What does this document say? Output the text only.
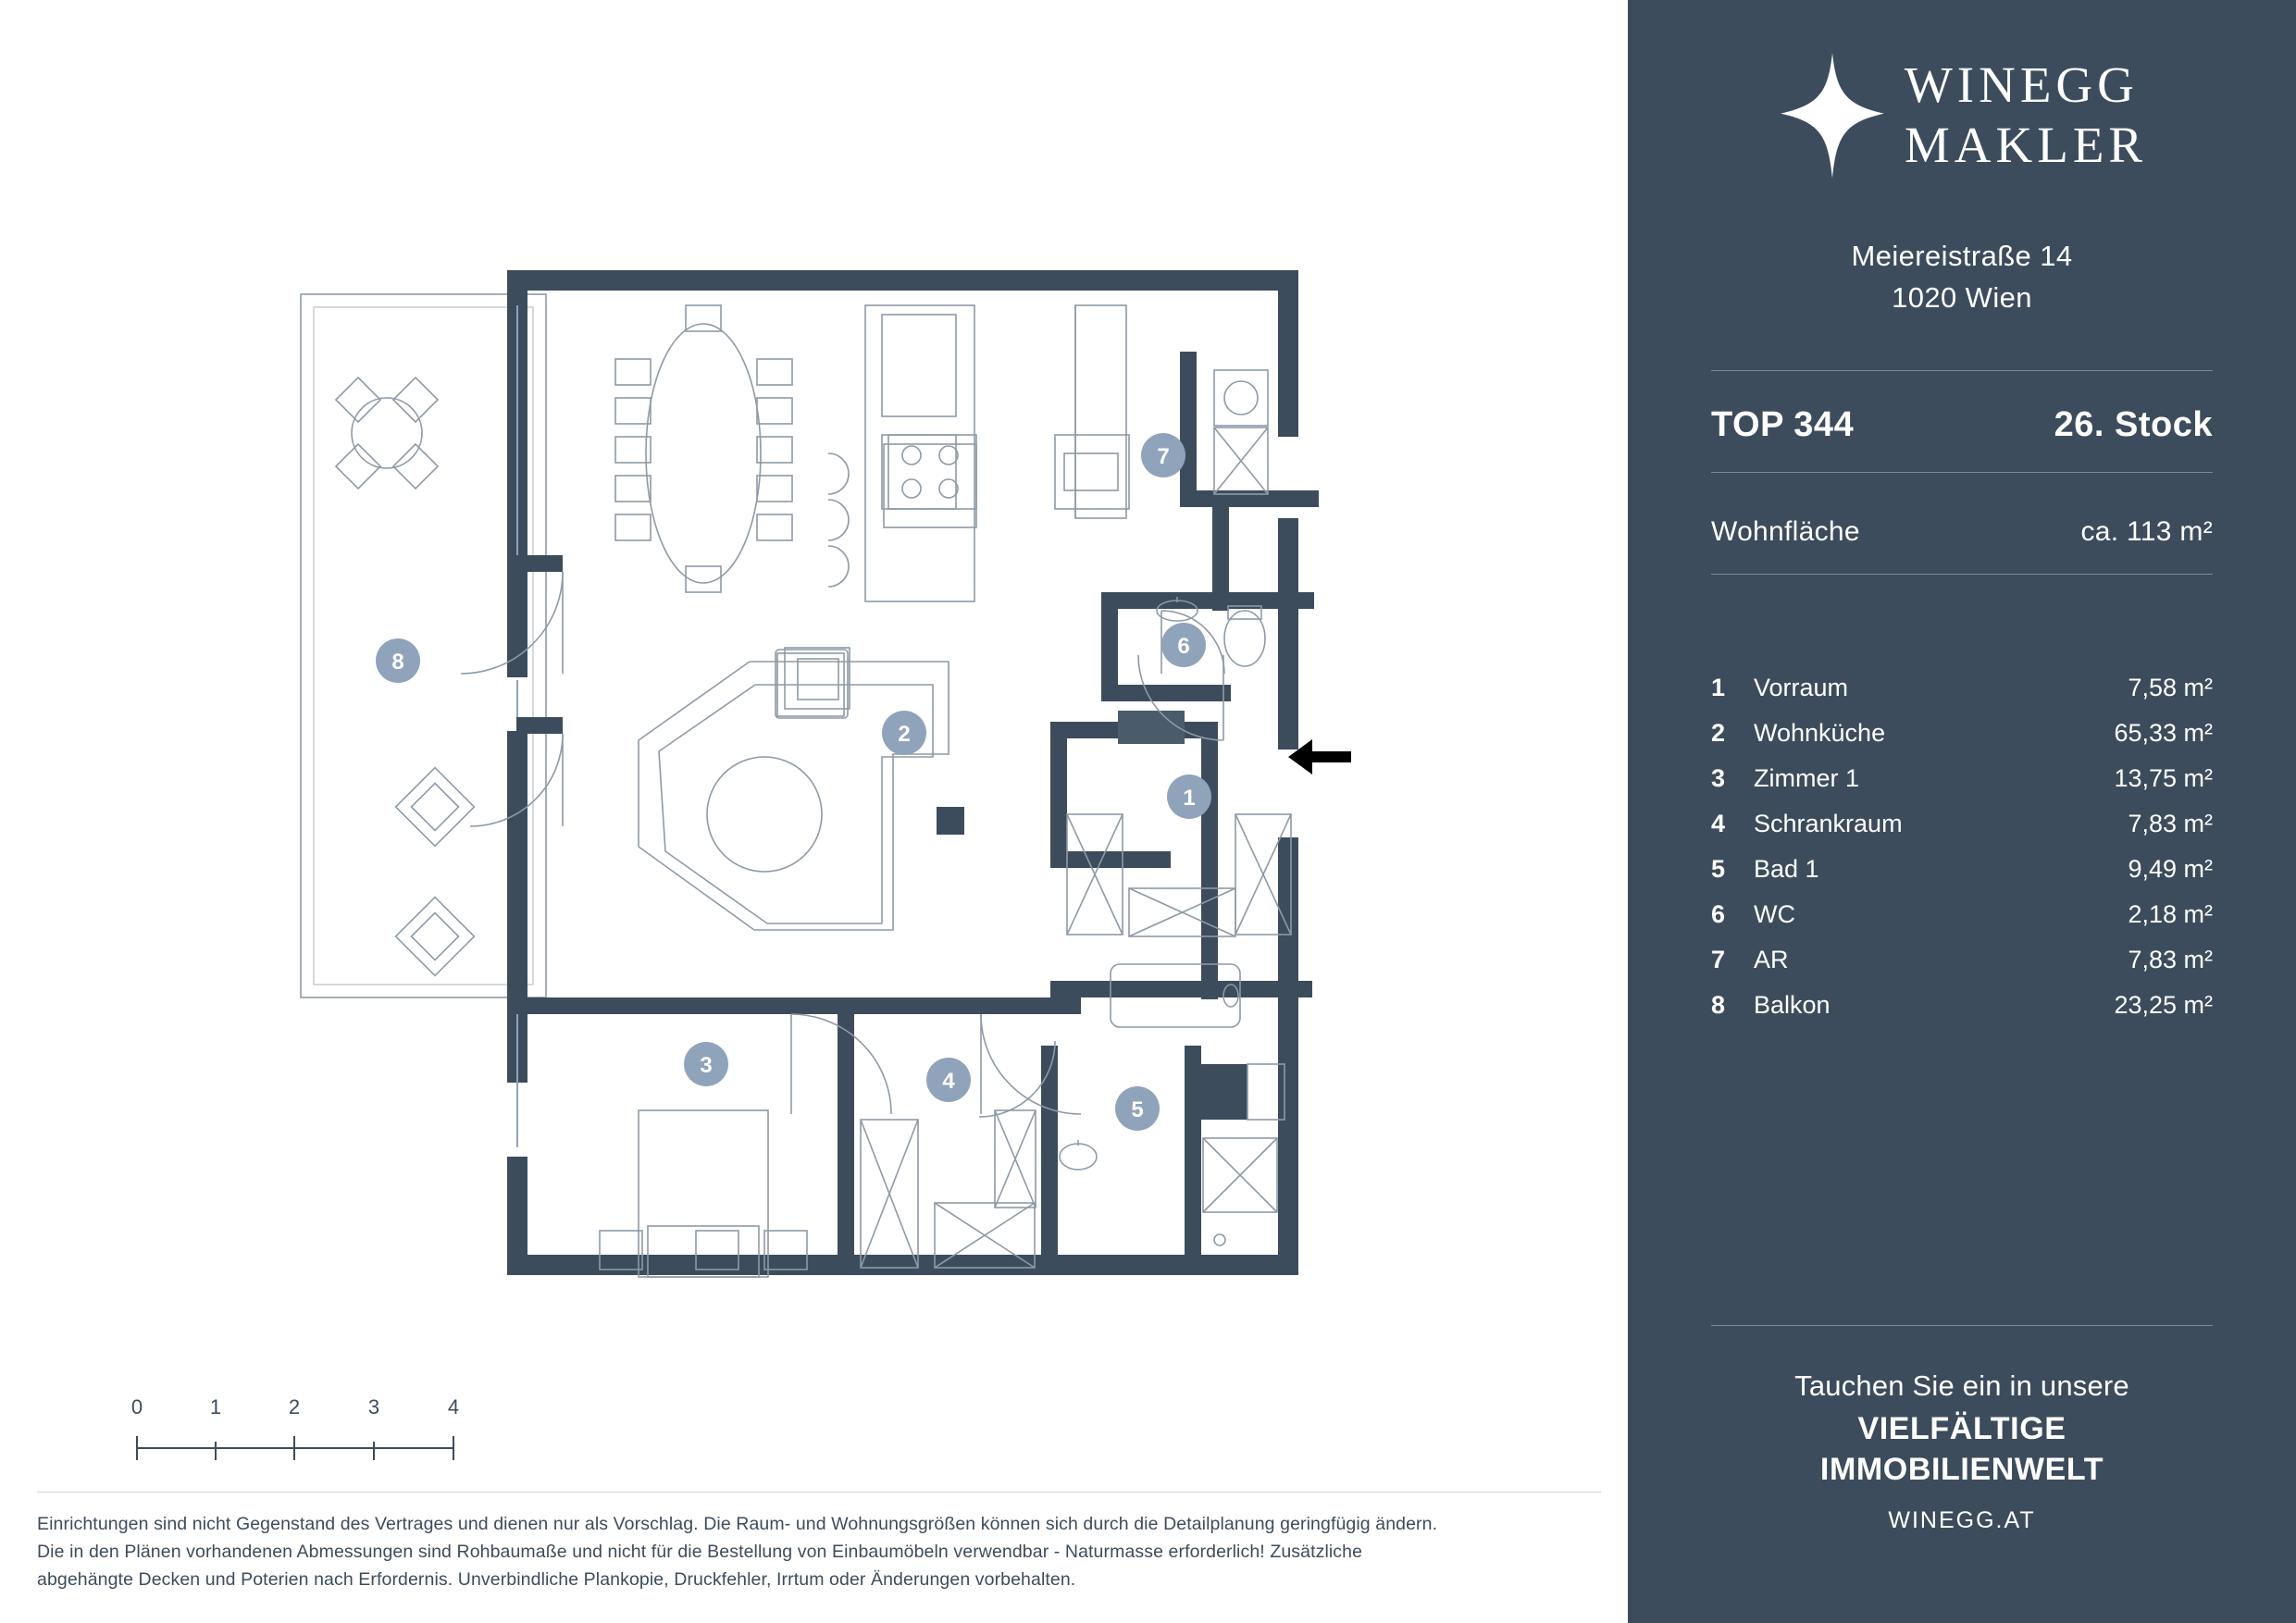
1
2
3
4
5
6
7
8
0	1	2	3	4
Einrichtungen sind nicht Gegenstand des Vertrages und dienen nur als Vorschlag. Die Raum- und Wohnungsgrößen können sich durch die Detailplanung geringfügig ändern.
Die in den Plänen vorhandenen Abmessungen sind Rohbaumaße und nicht für die Bestellung von Einbaumöbeln verwendbar - Naturmasse erforderlich! Zusätzliche
abgehängte Decken und Poterien nach Erfordernis. Unverbindliche Plankopie, Druckfehler, Irrtum oder Änderungen vorbehalten.
WINEGG
MAKLER
Meiereistraße 14
1020 Wien
TOP 344	26. Stock
Wohnfläche	ca. 113 m²
1	Vorraum	7,58 m²
2	Wohnküche	65,33 m²
3	Zimmer 1	13,75 m²
4	Schrankraum	7,83 m²
5	Bad 1	9,49 m²
6	WC	2,18 m²
7	AR	7,83 m²
8	Balkon	23,25 m²
Tauchen Sie ein in unsere
VIELFÄLTIGE
IMMOBILIENWELT
WINEGG.AT
